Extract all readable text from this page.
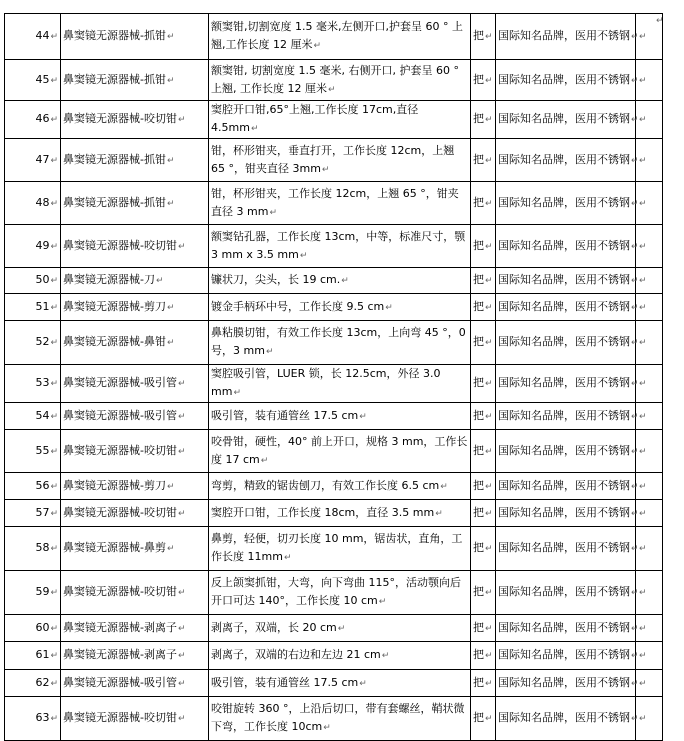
↵
44↵	鼻窦镜无源器械-抓钳↵	额窦钳,切割宽度 1.5 毫米,左侧开口,护套呈 60 ° 上翘,工作长度 12 厘米↵	把↵	国际知名品牌，医用不锈钢↵	↵
45↵	鼻窦镜无源器械-抓钳↵	额窦钳, 切割宽度 1.5 毫米, 右侧开口, 护套呈 60 ° 上翘, 工作长度 12 厘米↵	把↵	国际知名品牌，医用不锈钢↵	↵
46↵	鼻窦镜无源器械-咬切钳↵	窦腔开口钳,65°上翘,工作长度 17cm,直径 4.5mm↵	把↵	国际知名品牌，医用不锈钢↵	↵
47↵	鼻窦镜无源器械-抓钳↵	钳，杯形钳夹，垂直打开，工作长度 12cm，上翘 65 °，钳夹直径 3mm↵	把↵	国际知名品牌，医用不锈钢↵	↵
48↵	鼻窦镜无源器械-抓钳↵	钳，杯形钳夹，工作长度 12cm，上翘 65 °，钳夹直径 3 mm↵	把↵	国际知名品牌，医用不锈钢↵	↵
49↵	鼻窦镜无源器械-咬切钳↵	额窦钻孔器，工作长度 13cm，中等，标准尺寸，颚 3 mm x 3.5 mm↵	把↵	国际知名品牌，医用不锈钢↵	↵
50↵	鼻窦镜无源器械-刀↵	镰状刀，尖头，长 19 cm.↵	把↵	国际知名品牌，医用不锈钢↵	↵
51↵	鼻窦镜无源器械-剪刀↵	镀金手柄环中号，工作长度 9.5 cm↵	把↵	国际知名品牌，医用不锈钢↵	↵
52↵	鼻窦镜无源器械-鼻钳↵	鼻粘膜切钳，有效工作长度 13cm，上向弯 45 °，0号，3 mm↵	把↵	国际知名品牌，医用不锈钢↵	↵
53↵	鼻窦镜无源器械-吸引管↵	窦腔吸引管，LUER 锁，长 12.5cm，外径 3.0 mm↵	把↵	国际知名品牌，医用不锈钢↵	↵
54↵	鼻窦镜无源器械-吸引管↵	吸引管，装有通管丝 17.5 cm↵	把↵	国际知名品牌，医用不锈钢↵	↵
55↵	鼻窦镜无源器械-咬切钳↵	咬骨钳，硬性，40° 前上开口，规格 3 mm，工作长度 17 cm↵	把↵	国际知名品牌，医用不锈钢↵	↵
56↵	鼻窦镜无源器械-剪刀↵	弯剪，精致的锯齿刨刀，有效工作长度 6.5 cm↵	把↵	国际知名品牌，医用不锈钢↵	↵
57↵	鼻窦镜无源器械-咬切钳↵	窦腔开口钳，工作长度 18cm，直径 3.5 mm↵	把↵	国际知名品牌，医用不锈钢↵	↵
58↵	鼻窦镜无源器械-鼻剪↵	鼻剪，轻便，切刃长度 10 mm，锯齿状，直角，工作长度 11mm↵	把↵	国际知名品牌，医用不锈钢↵	↵
59↵	鼻窦镜无源器械-咬切钳↵	反上颌窦抓钳，大弯，向下弯曲 115°，活动颚向后开口可达 140°，工作长度 10 cm↵	把↵	国际知名品牌，医用不锈钢↵	↵
60↵	鼻窦镜无源器械-剥离子↵	剥离子，双端，长 20 cm↵	把↵	国际知名品牌，医用不锈钢↵	↵
61↵	鼻窦镜无源器械-剥离子↵	剥离子，双端的右边和左边 21 cm↵	把↵	国际知名品牌，医用不锈钢↵	↵
62↵	鼻窦镜无源器械-吸引管↵	吸引管，装有通管丝 17.5 cm↵	把↵	国际知名品牌，医用不锈钢↵	↵
63↵	鼻窦镜无源器械-咬切钳↵	咬钳旋转 360 °，上沿后切口，带有套螺丝，鞘状微下弯，工作长度 10cm↵	把↵	国际知名品牌，医用不锈钢↵	↵
